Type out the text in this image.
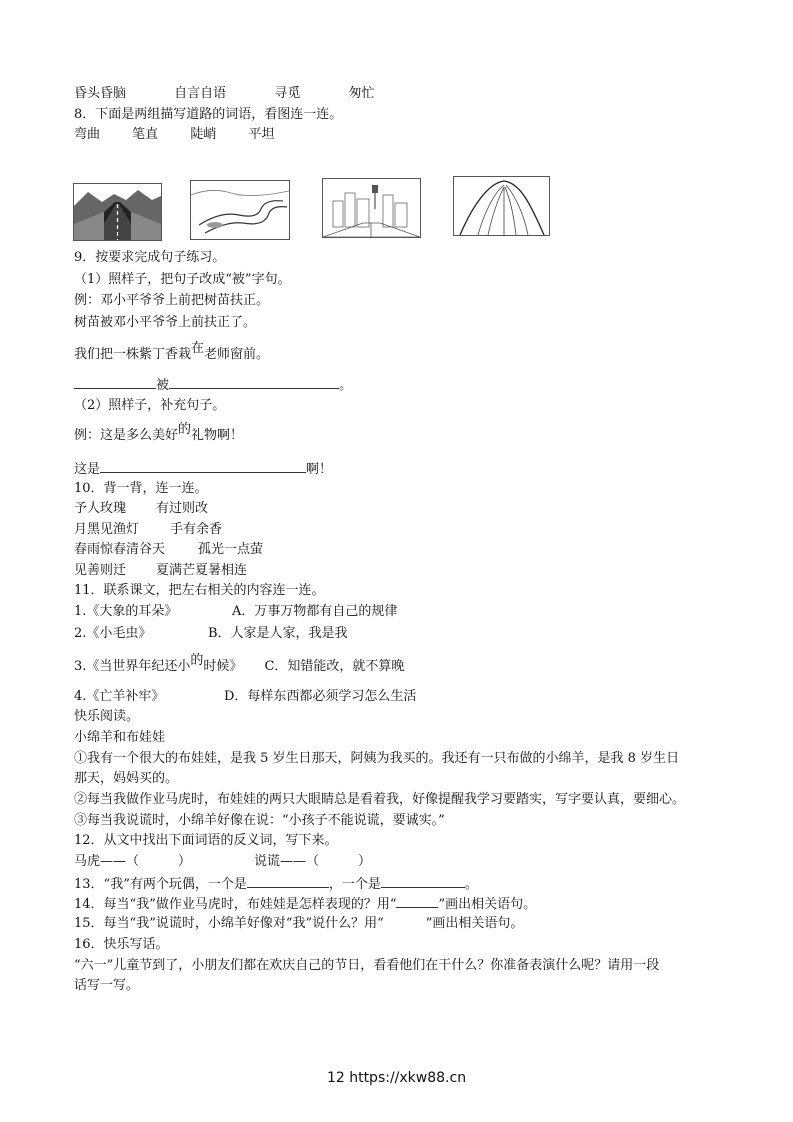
昏头昏脑	自言自语	寻觅	匆忙
8．下面是两组描写道路的词语，看图连一连。
弯曲 笔直 陡峭 平坦
9．按要求完成句子练习。
（1）照样子，把句子改成“被”字句。
例：邓小平爷爷上前把树苗扶正。
树苗被邓小平爷爷上前扶正了。
我们把一株紫丁香栽在老师窗前。
被	。
（2）照样子，补充句子。
例：这是多么美好的礼物啊！
这是	啊！
10．背一背，连一连。
予人玫瑰 有过则改
月黑见渔灯 手有余香
春雨惊春清谷天	孤光一点萤
见善则迁 夏满芒夏暑相连
11．联系课文，把左右相关的内容连一连。
1.《大象的耳朵》	A．万事万物都有自己的规律
2.《小毛虫》	B．人家是人家，我是我
3.《当世界年纪还小的时候》 C．知错能改，就不算晚
4.《亡羊补牢》	D．每样东西都必须学习怎么生活
快乐阅读。
小绵羊和布娃娃
①我有一个很大的布娃娃，是我 5 岁生日那天，阿姨为我买的。我还有一只布做的小绵羊，是我 8 岁生日
那天，妈妈买的。
②每当我做作业马虎时，布娃娃的两只大眼睛总是看着我，好像提醒我学习要踏实，写字要认真，要细心。
③每当我说谎时，小绵羊好像在说：“小孩子不能说谎，要诚实。”
12．从文中找出下面词语的反义词，写下来。
马虎——（　　　）	说谎——（　　　）
13．“我”有两个玩偶，一个是	，一个是	。
14．每当“我”做作业马虎时，布娃娃是怎样表现的？用“	”画出相关语句。
15．每当“我”说谎时，小绵羊好像对“我”说什么？用“	”画出相关语句。
16．快乐写话。
“六一”儿童节到了，小朋友们都在欢庆自己的节日，看看他们在干什么？你准备表演什么呢？请用一段
话写一写。
12 https://xkw88.cn
